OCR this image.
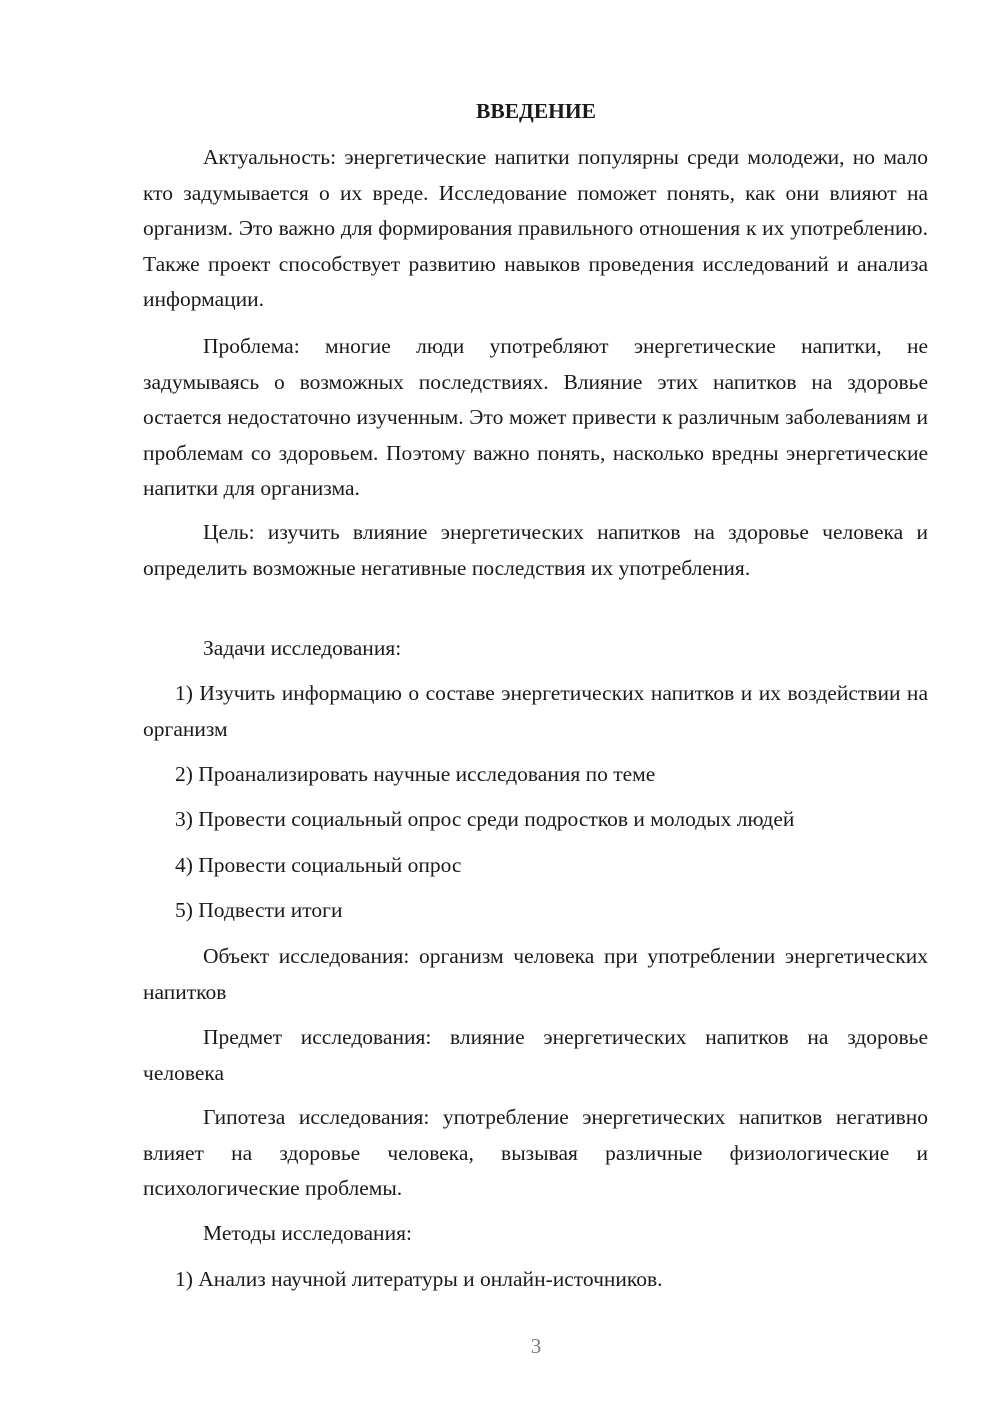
ВВЕДЕНИЕ

Актуальность: энергетические напитки популярны среди молодежи, но мало кто задумывается о их вреде. Исследование поможет понять, как они влияют на организм. Это важно для формирования правильного отношения к их употреблению. Также проект способствует развитию навыков проведения исследований и анализа информации.

Проблема: многие люди употребляют энергетические напитки, не задумываясь о возможных последствиях. Влияние этих напитков на здоровье остается недостаточно изученным. Это может привести к различным заболеваниям и проблемам со здоровьем. Поэтому важно понять, насколько вредны энергетические напитки для организма.

Цель: изучить влияние энергетических напитков на здоровье человека и определить возможные негативные последствия их употребления.

Задачи исследования:

1) Изучить информацию о составе энергетических напитков и их воздействии на организм

2) Проанализировать научные исследования по теме

3) Провести социальный опрос среди подростков и молодых людей

4) Провести социальный опрос

5) Подвести итоги

Объект исследования: организм человека при употреблении энергетических напитков

Предмет исследования: влияние энергетических напитков на здоровье человека

Гипотеза исследования: употребление энергетических напитков негативно влияет на здоровье человека, вызывая различные физиологические и психологические проблемы.

Методы исследования:

1) Анализ научной литературы и онлайн-источников.

3
